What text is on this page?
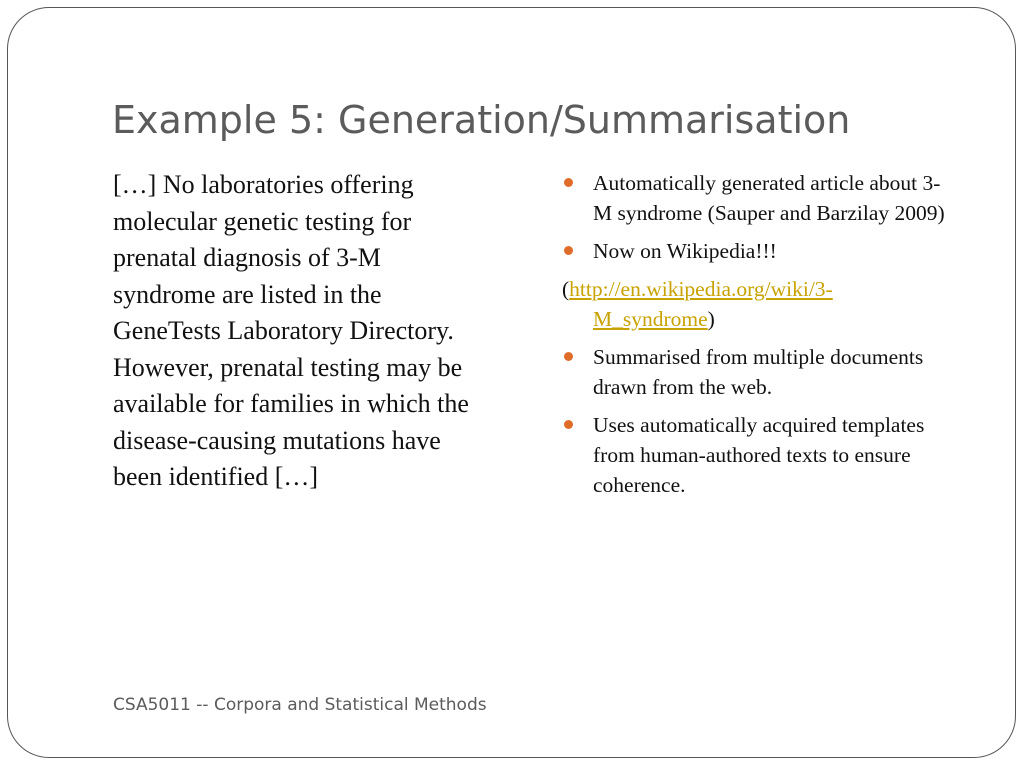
Example 5: Generation/Summarisation

[…] No laboratories offering molecular genetic testing for prenatal diagnosis of 3-M syndrome are listed in the GeneTests Laboratory Directory. However, prenatal testing may be available for families in which the disease-causing mutations have been identified […]

Automatically generated article about 3-M syndrome (Sauper and Barzilay 2009)
Now on Wikipedia!!!
(http://en.wikipedia.org/wiki/3-M_syndrome)
Summarised from multiple documents drawn from the web.
Uses automatically acquired templates from human-authored texts to ensure coherence.

CSA5011 -- Corpora and Statistical Methods
